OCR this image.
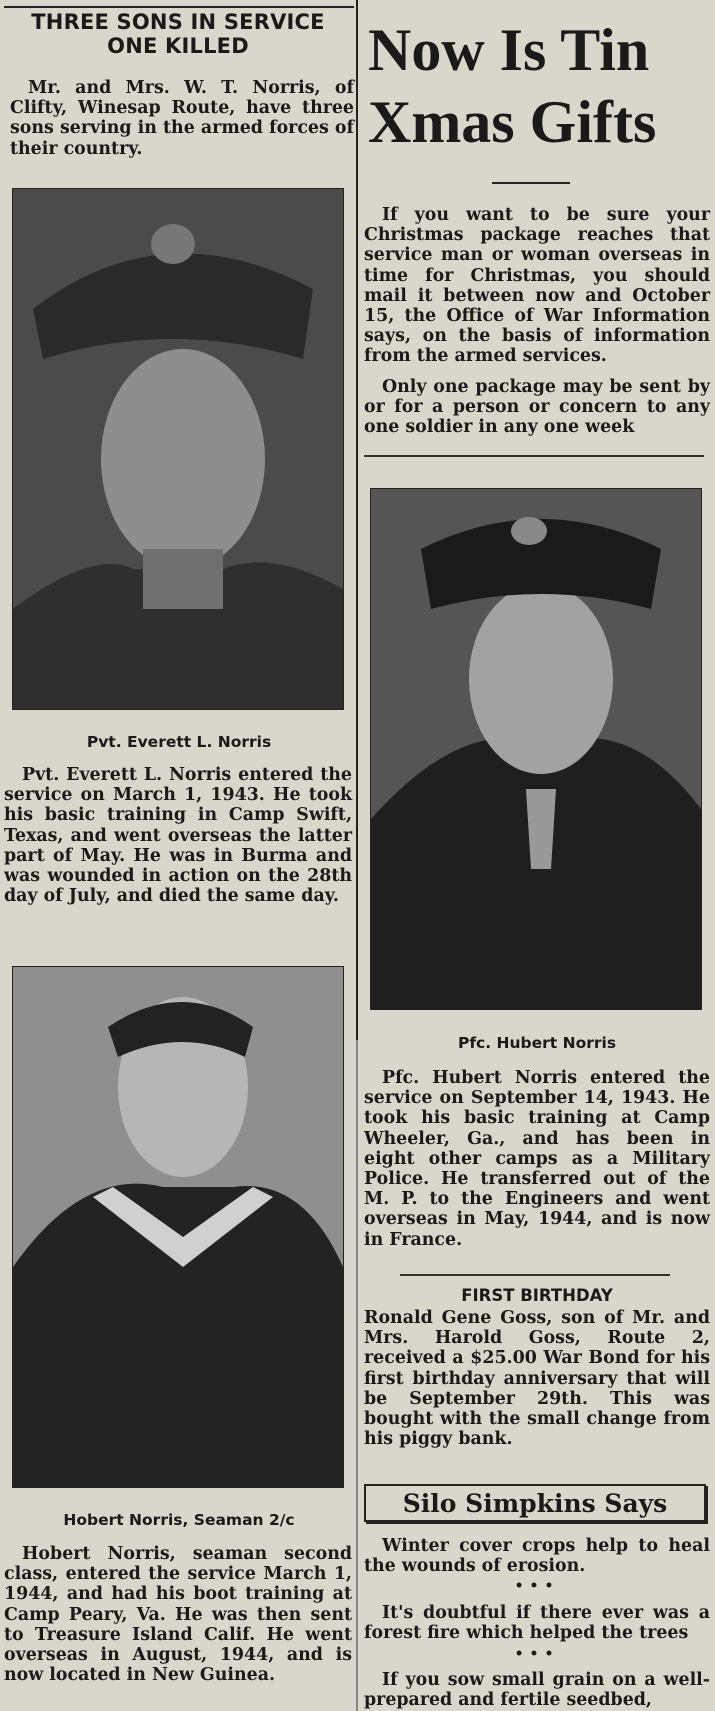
THREE SONS IN SERVICE ONE KILLED
Mr. and Mrs. W. T. Norris, of Clifty, Winesap Route, have three sons serving in the armed forces of their country.
Pvt. Everett L. Norris
Pvt. Everett L. Norris entered the service on March 1, 1943. He took his basic training in Camp Swift, Texas, and went overseas the latter part of May. He was in Burma and was wounded in action on the 28th day of July, and died the same day.
Hobert Norris, Seaman 2/c
Hobert Norris, seaman second class, entered the service March 1, 1944, and had his boot training at Camp Peary, Va. He was then sent to Treasure Island Calif. He went overseas in August, 1944, and is now located in New Guinea.
Now Is Tin
Xmas Gifts
If you want to be sure your Christmas package reaches that service man or woman overseas in time for Christmas, you should mail it between now and October 15, the Office of War Information says, on the basis of information from the armed services.
Only one package may be sent by or for a person or concern to any one soldier in any one week
Pfc. Hubert Norris
Pfc. Hubert Norris entered the service on September 14, 1943. He took his basic training at Camp Wheeler, Ga., and has been in eight other camps as a Military Police. He transferred out of the M. P. to the Engineers and went overseas in May, 1944, and is now in France.
FIRST BIRTHDAY
Ronald Gene Goss, son of Mr. and Mrs. Harold Goss, Route 2, received a $25.00 War Bond for his first birthday anniversary that will be September 29th. This was bought with the small change from his piggy bank.
Silo Simpkins Says
Winter cover crops help to heal the wounds of erosion.
•••
It's doubtful if there ever was a forest fire which helped the trees
•••
If you sow small grain on a well-prepared and fertile seedbed,
